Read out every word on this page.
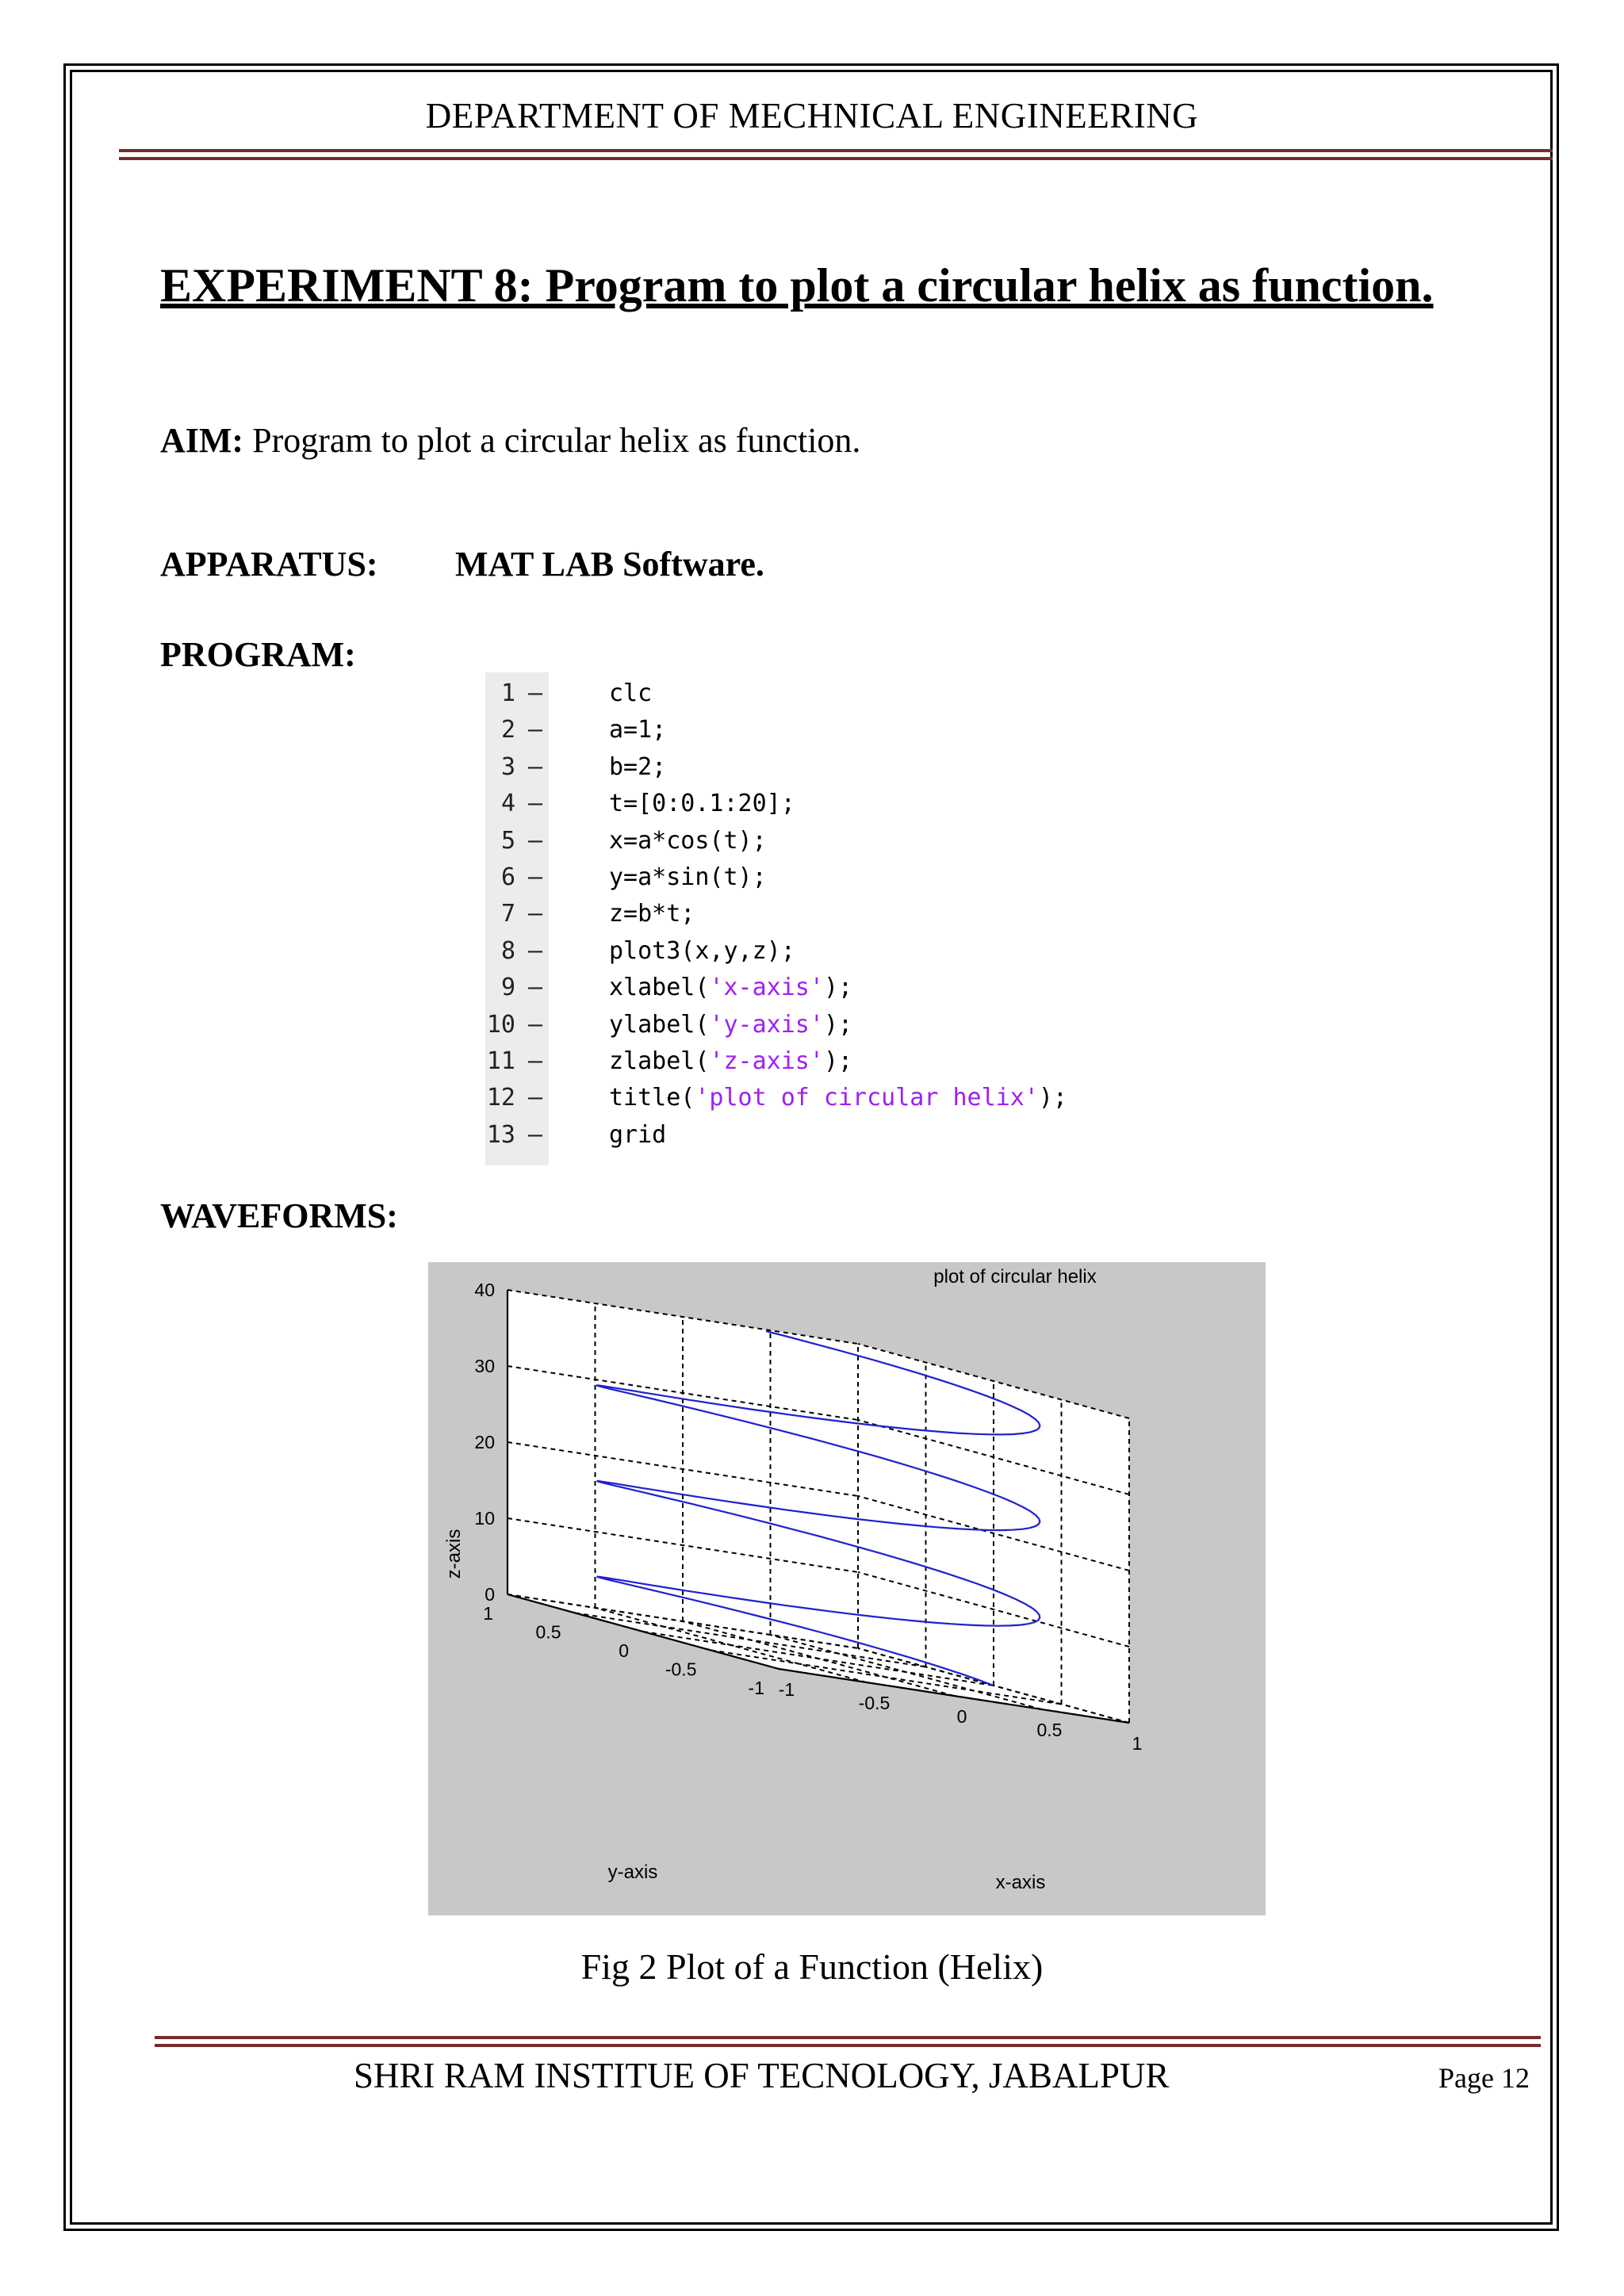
DEPARTMENT OF MECHNICAL ENGINEERING
EXPERIMENT 8: Program to plot a circular helix as function.
AIM: Program to plot a circular helix as function.
APPARATUS: MAT LAB Software.
PROGRAM:
1 —	clc
2 —	a=1;
3 —	b=2;
4 —	t=[0:0.1:20];
5 —	x=a*cos(t);
6 —	y=a*sin(t);
7 —	z=b*t;
8 —	plot3(x,y,z);
9 —	xlabel('x-axis');
10 —	ylabel('y-axis');
11 —	zlabel('z-axis');
12 —	title('plot of circular helix');
13 —	grid
WAVEFORMS:
0
10
20
30
40
-1
-0.5
0
0.5
1
-1
-0.5
0
0.5
1
plot of circular helix
x-axis
y-axis
z-axis
Fig 2 Plot of a Function (Helix)
SHRI RAM INSTITUE OF TECNOLOGY, JABALPUR	Page 12
